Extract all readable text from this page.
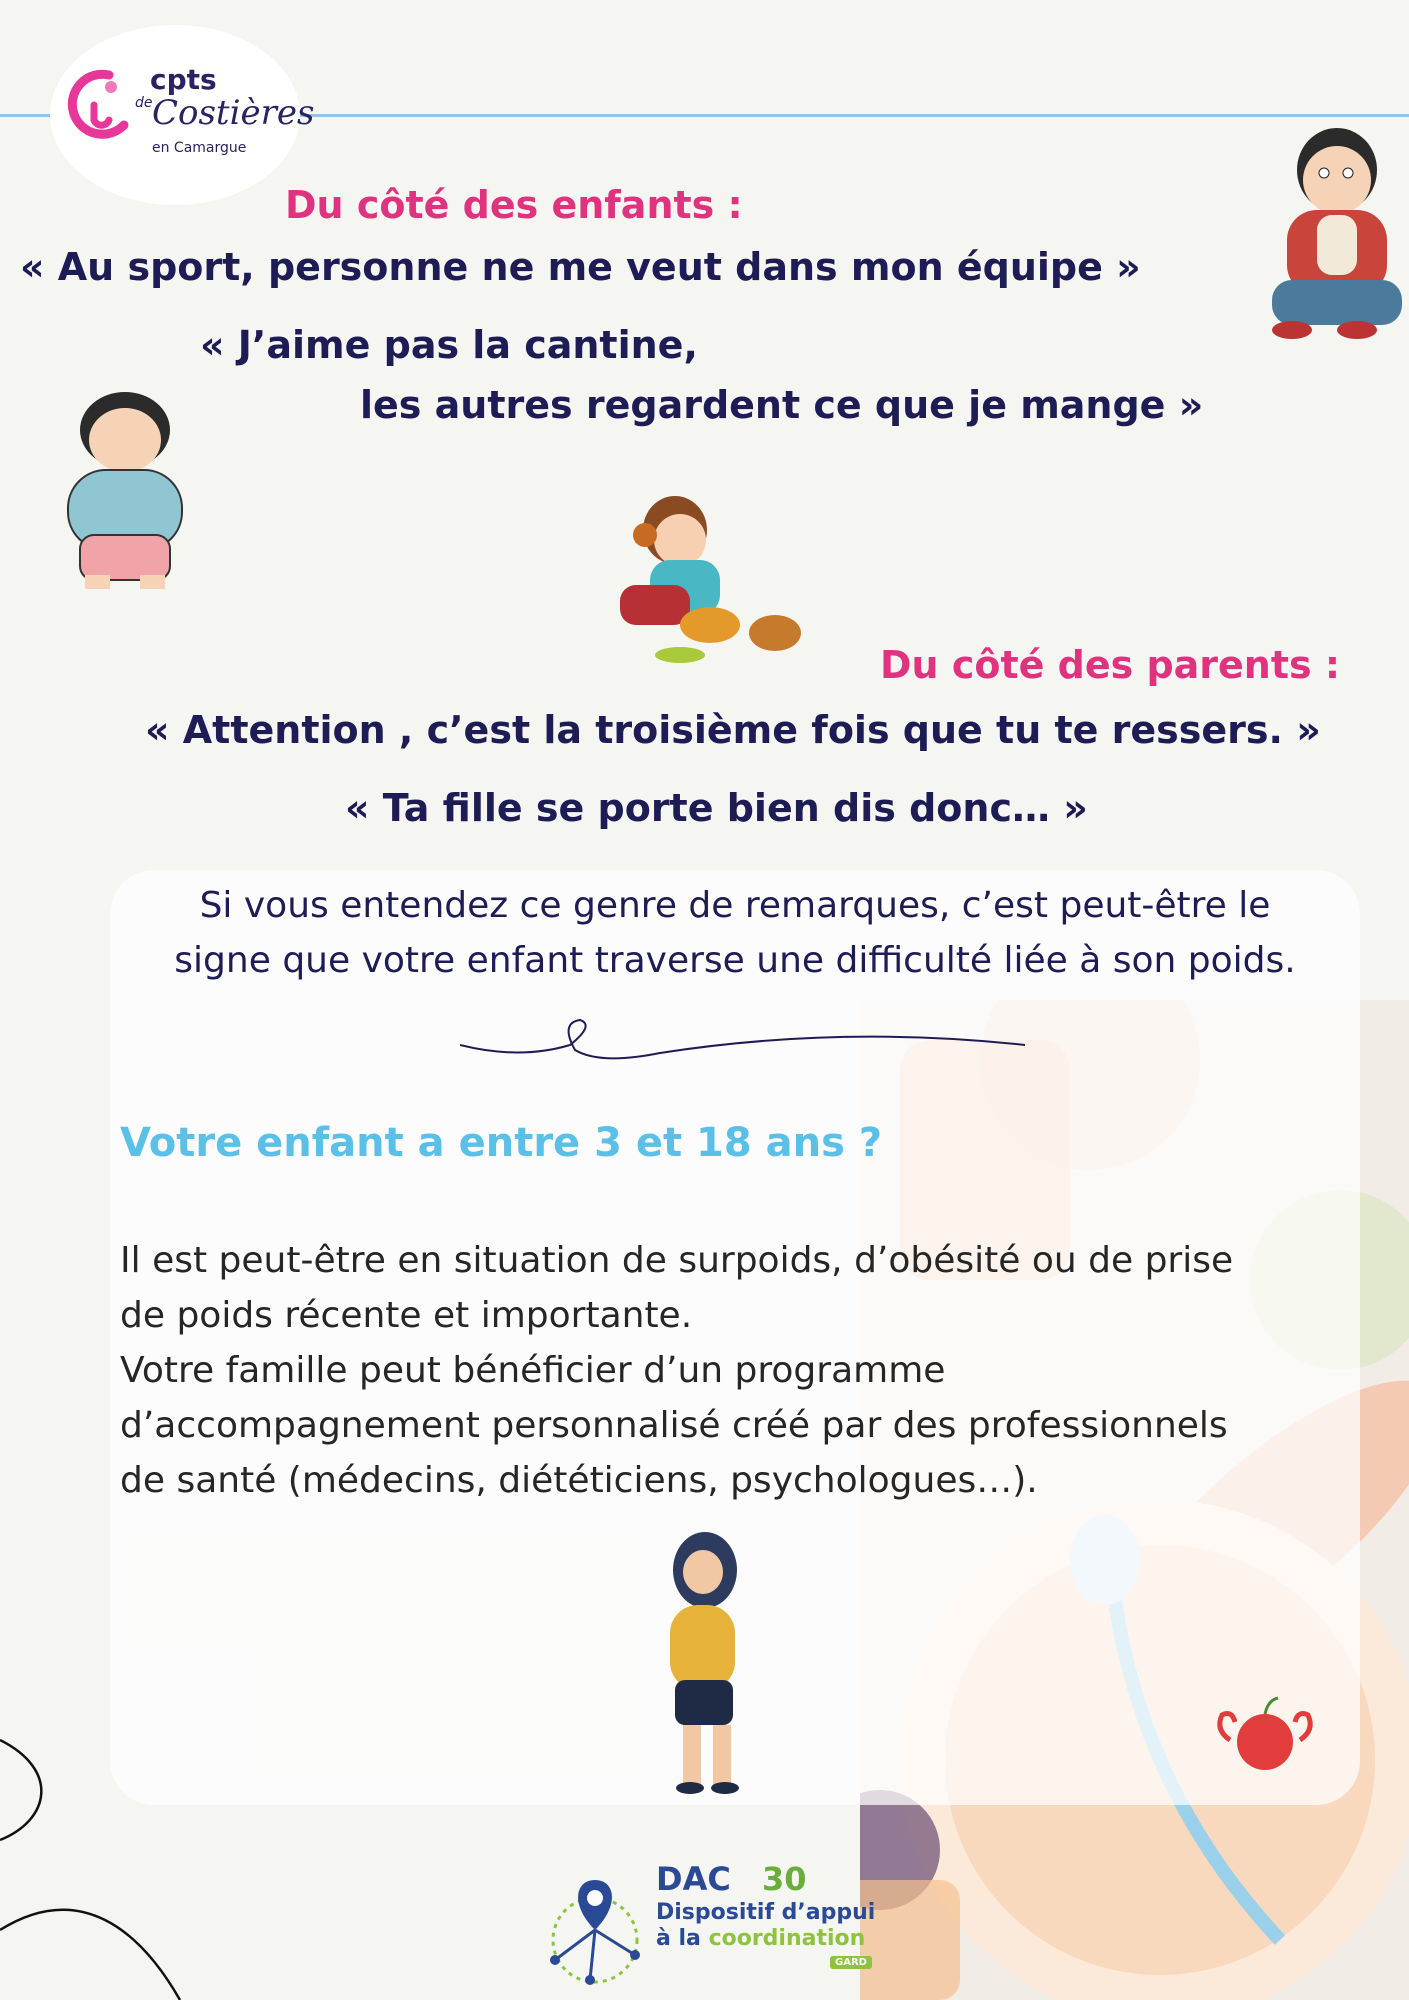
cpts
de Costières
en Camargue
Du côté des enfants :
« Au sport, personne ne me veut dans mon équipe »
« J’aime pas la cantine,
les autres regardent ce que je mange »
Du côté des parents :
« Attention , c’est la troisième fois que tu te ressers. »
« Ta fille se porte bien dis donc… »
Si vous entendez ce genre de remarques, c’est peut-être le
signe que votre enfant traverse une difficulté liée à son poids.
Votre enfant a entre 3 et 18 ans ?
Il est peut-être en situation de surpoids, d’obésité ou de prise
de poids récente et importante.
Votre famille peut bénéficier d’un programme
d’accompagnement personnalisé créé par des professionnels
de santé (médecins, diététiciens, psychologues…).
DAC 30
Dispositif d’appui
à la coordination
GARD
